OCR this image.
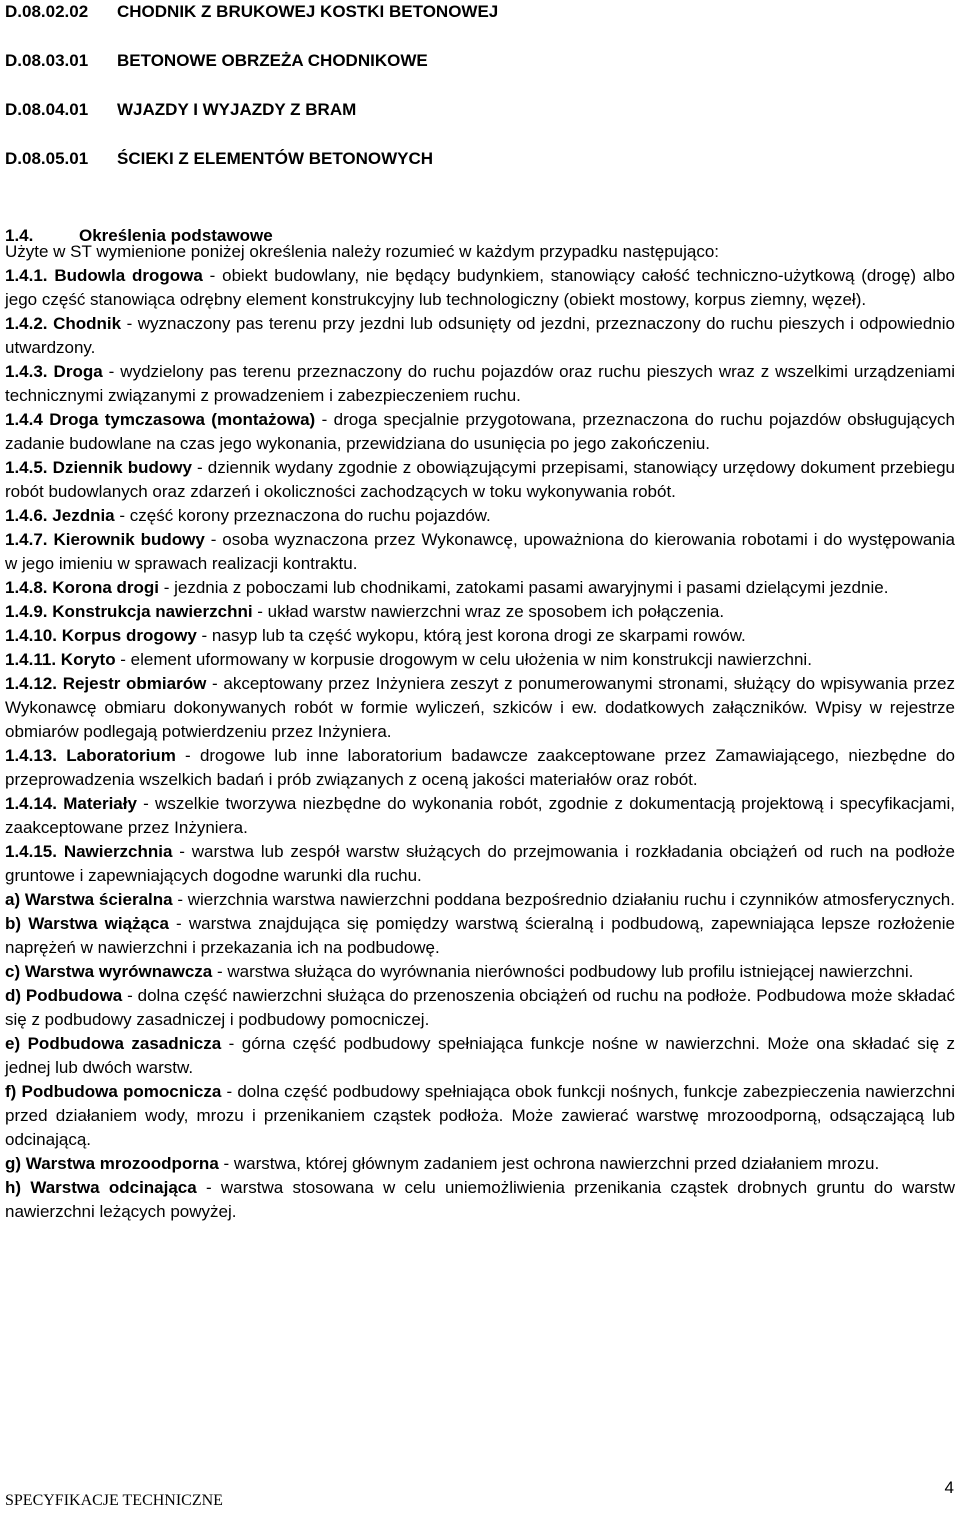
D.08.02.02 CHODNIK Z BRUKOWEJ KOSTKI BETONOWEJ

D.08.03.01 BETONOWE OBRZEŻA CHODNIKOWE

D.08.04.01 WJAZDY I WYJAZDY Z BRAM

D.08.05.01 ŚCIEKI Z ELEMENTÓW BETONOWYCH

1.4.	Określenia podstawowe

Użyte w ST wymienione poniżej określenia należy rozumieć w każdym przypadku następująco:

1.4.1. Budowla drogowa - obiekt budowlany, nie będący budynkiem, stanowiący całość techniczno-użytkową (drogę) albo jego część stanowiąca odrębny element konstrukcyjny lub technologiczny (obiekt mostowy, korpus ziemny, węzeł).

1.4.2. Chodnik - wyznaczony pas terenu przy jezdni lub odsunięty od jezdni, przeznaczony do ruchu pieszych i odpowiednio utwardzony.

1.4.3. Droga - wydzielony pas terenu przeznaczony do ruchu pojazdów oraz ruchu pieszych wraz z wszelkimi urządzeniami technicznymi związanymi z prowadzeniem i zabezpieczeniem ruchu.

1.4.4 Droga tymczasowa (montażowa) - droga specjalnie przygotowana, przeznaczona do ruchu pojazdów obsługujących zadanie budowlane na czas jego wykonania, przewidziana do usunięcia po jego zakończeniu.

1.4.5. Dziennik budowy - dziennik wydany zgodnie z obowiązującymi przepisami, stanowiący urzędowy dokument przebiegu robót budowlanych oraz zdarzeń i okoliczności zachodzących w toku wykonywania robót.

1.4.6. Jezdnia - część korony przeznaczona do ruchu pojazdów.

1.4.7. Kierownik budowy - osoba wyznaczona przez Wykonawcę, upoważniona do kierowania robotami i do występowania w jego imieniu w sprawach realizacji kontraktu.

1.4.8. Korona drogi - jezdnia z poboczami lub chodnikami, zatokami pasami awaryjnymi i pasami dzielącymi jezdnie.

1.4.9. Konstrukcja nawierzchni - układ warstw nawierzchni wraz ze sposobem ich połączenia.

1.4.10. Korpus drogowy - nasyp lub ta część wykopu, którą jest korona drogi ze skarpami rowów.

1.4.11. Koryto - element uformowany w korpusie drogowym w celu ułożenia w nim konstrukcji nawierzchni.

1.4.12. Rejestr obmiarów - akceptowany przez Inżyniera zeszyt z ponumerowanymi stronami, służący do wpisywania przez Wykonawcę obmiaru dokonywanych robót w formie wyliczeń, szkiców i ew. dodatkowych załączników. Wpisy w rejestrze obmiarów podlegają potwierdzeniu przez Inżyniera.

1.4.13. Laboratorium - drogowe lub inne laboratorium badawcze zaakceptowane przez Zamawiającego, niezbędne do przeprowadzenia wszelkich badań i prób związanych z oceną jakości materiałów oraz robót.

1.4.14. Materiały - wszelkie tworzywa niezbędne do wykonania robót, zgodnie z dokumentacją projektową i specyfikacjami, zaakceptowane przez Inżyniera.

1.4.15. Nawierzchnia - warstwa lub zespół warstw służących do przejmowania i rozkładania obciążeń od ruch na podłoże gruntowe i zapewniających dogodne warunki dla ruchu.

a) Warstwa ścieralna - wierzchnia warstwa nawierzchni poddana bezpośrednio działaniu ruchu i czynników atmosferycznych.

b) Warstwa wiążąca - warstwa znajdująca się pomiędzy warstwą ścieralną i podbudową, zapewniająca lepsze rozłożenie naprężeń w nawierzchni i przekazania ich na podbudowę.

c) Warstwa wyrównawcza - warstwa służąca do wyrównania nierówności podbudowy lub profilu istniejącej nawierzchni.

d) Podbudowa - dolna część nawierzchni służąca do przenoszenia obciążeń od ruchu na podłoże. Podbudowa może składać się z podbudowy zasadniczej i podbudowy pomocniczej.

e) Podbudowa zasadnicza - górna część podbudowy spełniająca funkcje nośne w nawierzchni. Może ona składać się z jednej lub dwóch warstw.

f) Podbudowa pomocnicza - dolna część podbudowy spełniająca obok funkcji nośnych, funkcje zabezpieczenia nawierzchni przed działaniem wody, mrozu i przenikaniem cząstek podłoża. Może zawierać warstwę mrozoodporną, odsączającą lub odcinającą.

g) Warstwa mrozoodporna - warstwa, której głównym zadaniem jest ochrona nawierzchni przed działaniem mrozu.

h) Warstwa odcinająca - warstwa stosowana w celu uniemożliwienia przenikania cząstek drobnych gruntu do warstw nawierzchni leżących powyżej.

SPECYFIKACJE TECHNICZNE
4
